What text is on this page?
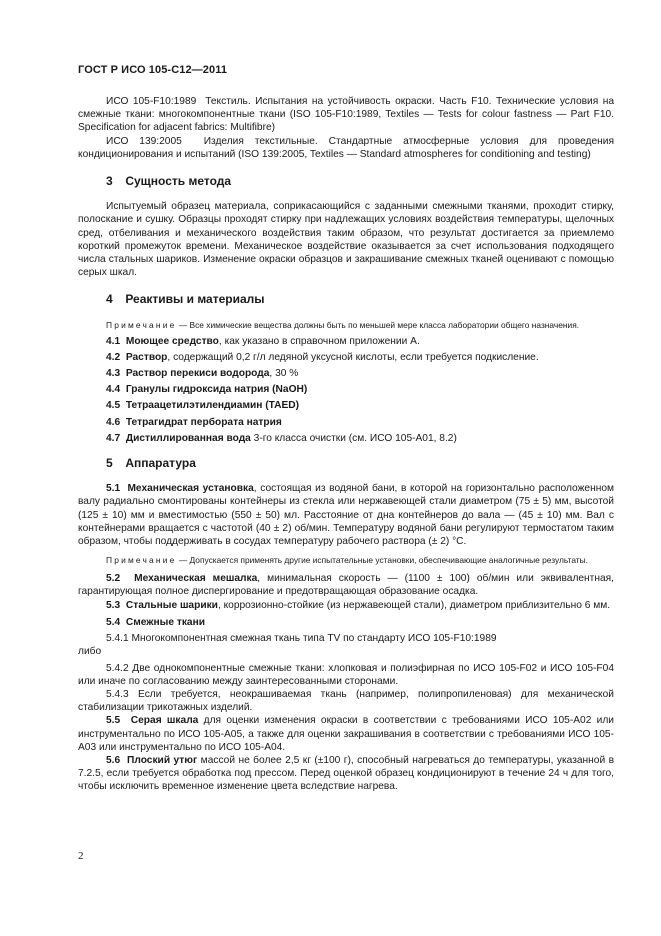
ГОСТ Р ИСО 105-С12—2011

ИСО 105-F10:1989 Текстиль. Испытания на устойчивость окраски. Часть F10. Технические условия на смежные ткани: многокомпонентные ткани (ISO 105-F10:1989, Textiles — Tests for colour fastness — Part F10. Specification for adjacent fabrics: Multifibre)

ИСО 139:2005 Изделия текстильные. Стандартные атмосферные условия для проведения кондиционирования и испытаний (ISO 139:2005, Textiles — Standard atmospheres for conditioning and testing)

3 Сущность метода

Испытуемый образец материала, соприкасающийся с заданными смежными тканями, проходит стирку, полоскание и сушку. Образцы проходят стирку при надлежащих условиях воздействия температуры, щелочных сред, отбеливания и механического воздействия таким образом, что результат достигается за приемлемо короткий промежуток времени. Механическое воздействие оказывается за счет использования подходящего числа стальных шариков. Изменение окраски образцов и закрашивание смежных тканей оценивают с помощью серых шкал.

4 Реактивы и материалы

Примечание — Все химические вещества должны быть по меньшей мере класса лаборатории общего назначения.

4.1 Моющее средство, как указано в справочном приложении А.

4.2 Раствор, содержащий 0,2 г/л ледяной уксусной кислоты, если требуется подкисление.

4.3 Раствор перекиси водорода, 30 %

4.4 Гранулы гидроксида натрия (NaOH)

4.5 Тетраацетилэтилендиамин (TAED)

4.6 Тетрагидрат пербората натрия

4.7 Дистиллированная вода 3-го класса очистки (см. ИСО 105-А01, 8.2)

5 Аппаратура

5.1 Механическая установка, состоящая из водяной бани, в которой на горизонтально расположенном валу радиально смонтированы контейнеры из стекла или нержавеющей стали диаметром (75 ± 5) мм, высотой (125 ± 10) мм и вместимостью (550 ± 50) мл. Расстояние от дна контейнеров до вала — (45 ± 10) мм. Вал с контейнерами вращается с частотой (40 ± 2) об/мин. Температуру водяной бани регулируют термостатом таким образом, чтобы поддерживать в сосудах температуру рабочего раствора (± 2) °С.

Примечание — Допускается применять другие испытательные установки, обеспечивающие аналогичные результаты.

5.2 Механическая мешалка, минимальная скорость — (1100 ± 100) об/мин или эквивалентная, гарантирующая полное диспергирование и предотвращающая образование осадка.

5.3 Стальные шарики, коррозионно-стойкие (из нержавеющей стали), диаметром приблизительно 6 мм.

5.4 Смежные ткани

5.4.1 Многокомпонентная смежная ткань типа TV по стандарту ИСО 105-F10:1989

либо

5.4.2 Две однокомпонентные смежные ткани: хлопковая и полиэфирная по ИСО 105-F02 и ИСО 105-F04 или иначе по согласованию между заинтересованными сторонами.

5.4.3 Если требуется, неокрашиваемая ткань (например, полипропиленовая) для механической стабилизации трикотажных изделий.

5.5 Серая шкала для оценки изменения окраски в соответствии с требованиями ИСО 105-А02 или инструментально по ИСО 105-А05, а также для оценки закрашивания в соответствии с требованиями ИСО 105-А03 или инструментально по ИСО 105-А04.

5.6 Плоский утюг массой не более 2,5 кг (±100 г), способный нагреваться до температуры, указанной в 7.2.5, если требуется обработка под прессом. Перед оценкой образец кондиционируют в течение 24 ч для того, чтобы исключить временное изменение цвета вследствие нагрева.

2
